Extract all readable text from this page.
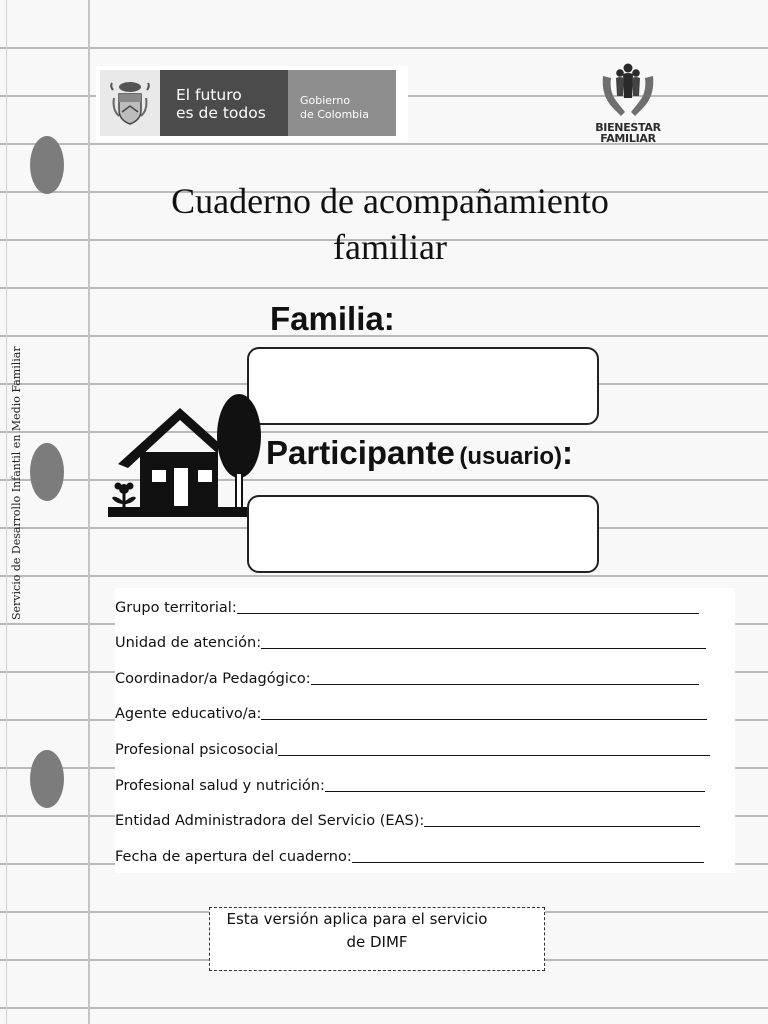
Servicio de Desarrollo Infantil en Medio Familiar
El futuro
es de todos
Gobierno
de Colombia
BIENESTAR
FAMILIAR
Cuaderno de acompañamiento
familiar
Familia:
Participante (usuario):
Grupo territorial:
Unidad de atención:
Coordinador/a Pedagógico:
Agente educativo/a:
Profesional psicosocial
Profesional salud y nutrición:
Entidad Administradora del Servicio (EAS):
Fecha de apertura del cuaderno:
Esta versión aplica para el servicio
de DIMF
